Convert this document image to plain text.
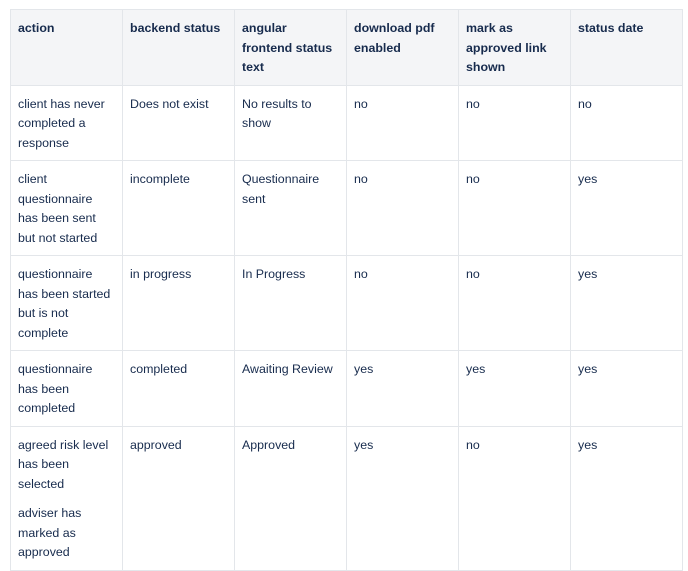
action	backend status	angular frontend status text	download pdf enabled	mark as approved link shown	status date

client has never completed a response	Does not exist	No results to show	no	no	no

client questionnaire has been sent but not started	incomplete	Questionnaire sent	no	no	yes

questionnaire has been started but is not complete	in progress	In Progress	no	no	yes

questionnaire has been completed	completed	Awaiting Review	yes	yes	yes

agreed risk level has been selected
adviser has marked as approved	approved	Approved	yes	no	yes
